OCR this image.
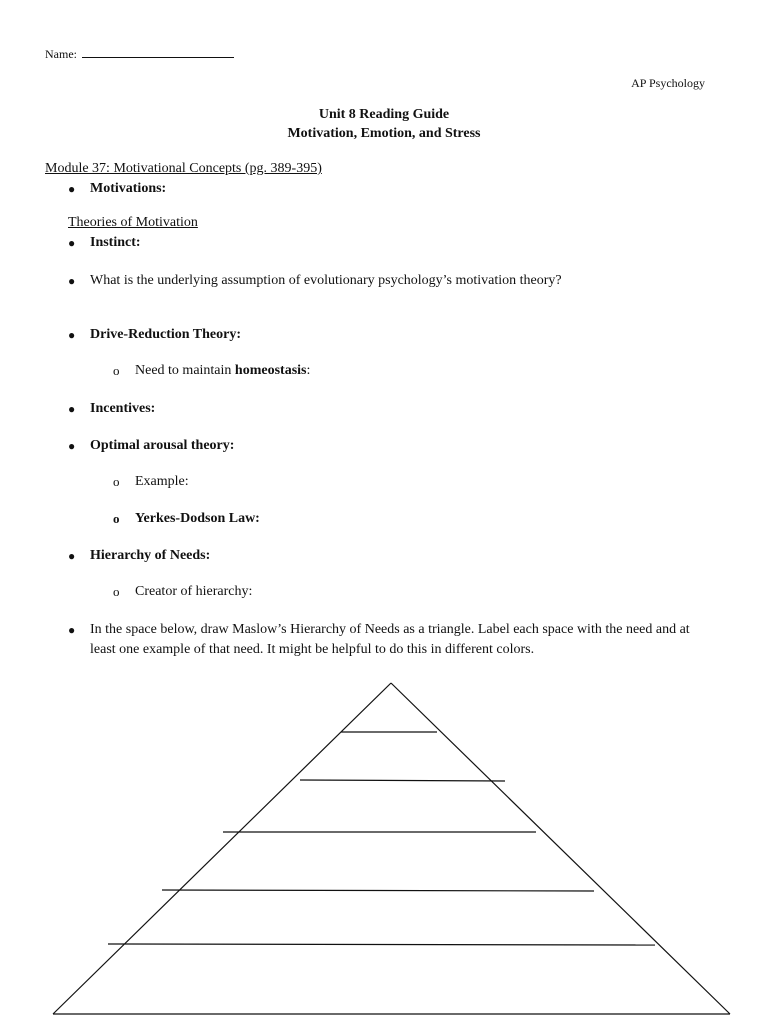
Name:
AP Psychology
Unit 8 Reading Guide
Motivation, Emotion, and Stress
Module 37: Motivational Concepts (pg. 389-395)
● Motivations:
Theories of Motivation
● Instinct:
● What is the underlying assumption of evolutionary psychology’s motivation theory?
● Drive-Reduction Theory:
o Need to maintain homeostasis:
● Incentives:
● Optimal arousal theory:
o Example:
o Yerkes-Dodson Law:
● Hierarchy of Needs:
o Creator of hierarchy:
● In the space below, draw Maslow’s Hierarchy of Needs as a triangle. Label each space with the need and at least one example of that need. It might be helpful to do this in different colors.
